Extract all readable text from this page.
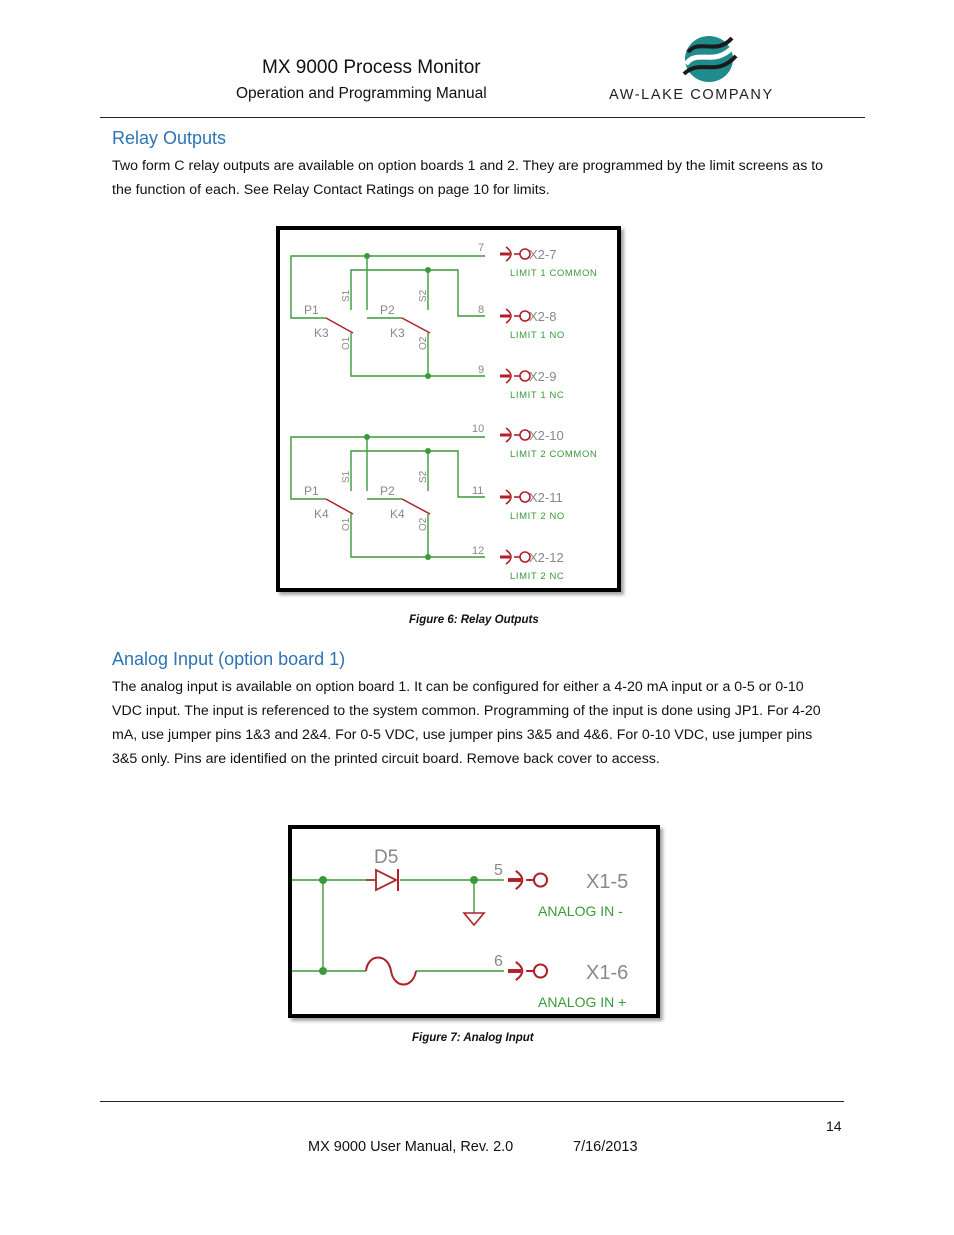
MX 9000 Process Monitor
Operation and Programming Manual	AW-LAKE COMPANY
Relay Outputs
Two form C relay outputs are available on option boards 1 and 2. They are programmed by the limit screens as to the function of each. See Relay Contact Ratings on page 10 for limits.
P1	P2
K3	K3
S1	S2
O1	O2
7	X2-7
LIMIT 1 COMMON
8	X2-8
LIMIT 1 NO
9	X2-9
LIMIT 1 NC
P1	P2
K4	K4
S1	S2
O1	O2
10	X2-10
LIMIT 2 COMMON
11	X2-11
LIMIT 2 NO
12	X2-12
LIMIT 2 NC
Figure 6: Relay Outputs
Analog Input (option board 1)
The analog input is available on option board 1. It can be configured for either a 4-20 mA input or a 0-5 or 0-10 VDC input. The input is referenced to the system common. Programming of the input is done using JP1. For 4-20 mA, use jumper pins 1&3 and 2&4. For 0-5 VDC, use jumper pins 3&5 and 4&6. For 0-10 VDC, use jumper pins 3&5 only. Pins are identified on the printed circuit board. Remove back cover to access.
D5
5
X1-5
ANALOG IN -
6
X1-6
ANALOG IN +
Figure 7: Analog Input
14
MX 9000 User Manual, Rev. 2.0	7/16/2013
